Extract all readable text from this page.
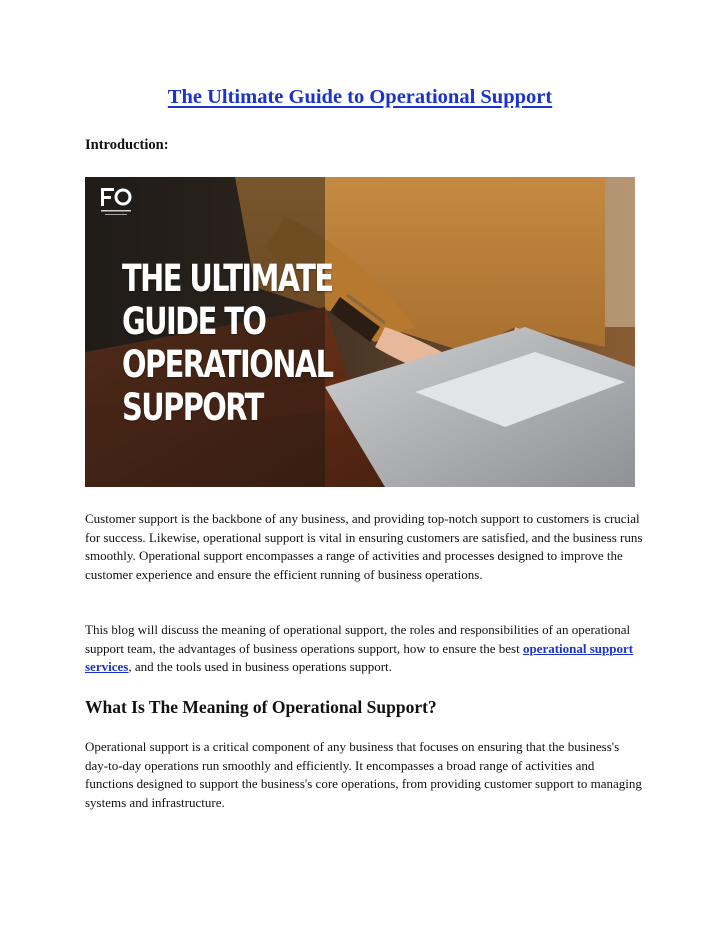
The Ultimate Guide to Operational Support
Introduction:
THE ULTIMATE
GUIDE TO
OPERATIONAL
SUPPORT

Customer support is the backbone of any business, and providing top-notch support to customers is crucial for success. Likewise, operational support is vital in ensuring customers are satisfied, and the business runs smoothly. Operational support encompasses a range of activities and processes designed to improve the customer experience and ensure the efficient running of business operations.

This blog will discuss the meaning of operational support, the roles and responsibilities of an operational support team, the advantages of business operations support, how to ensure the best operational support services, and the tools used in business operations support.

What Is The Meaning of Operational Support?

Operational support is a critical component of any business that focuses on ensuring that the business's day-to-day operations run smoothly and efficiently. It encompasses a broad range of activities and functions designed to support the business's core operations, from providing customer support to managing systems and infrastructure.
